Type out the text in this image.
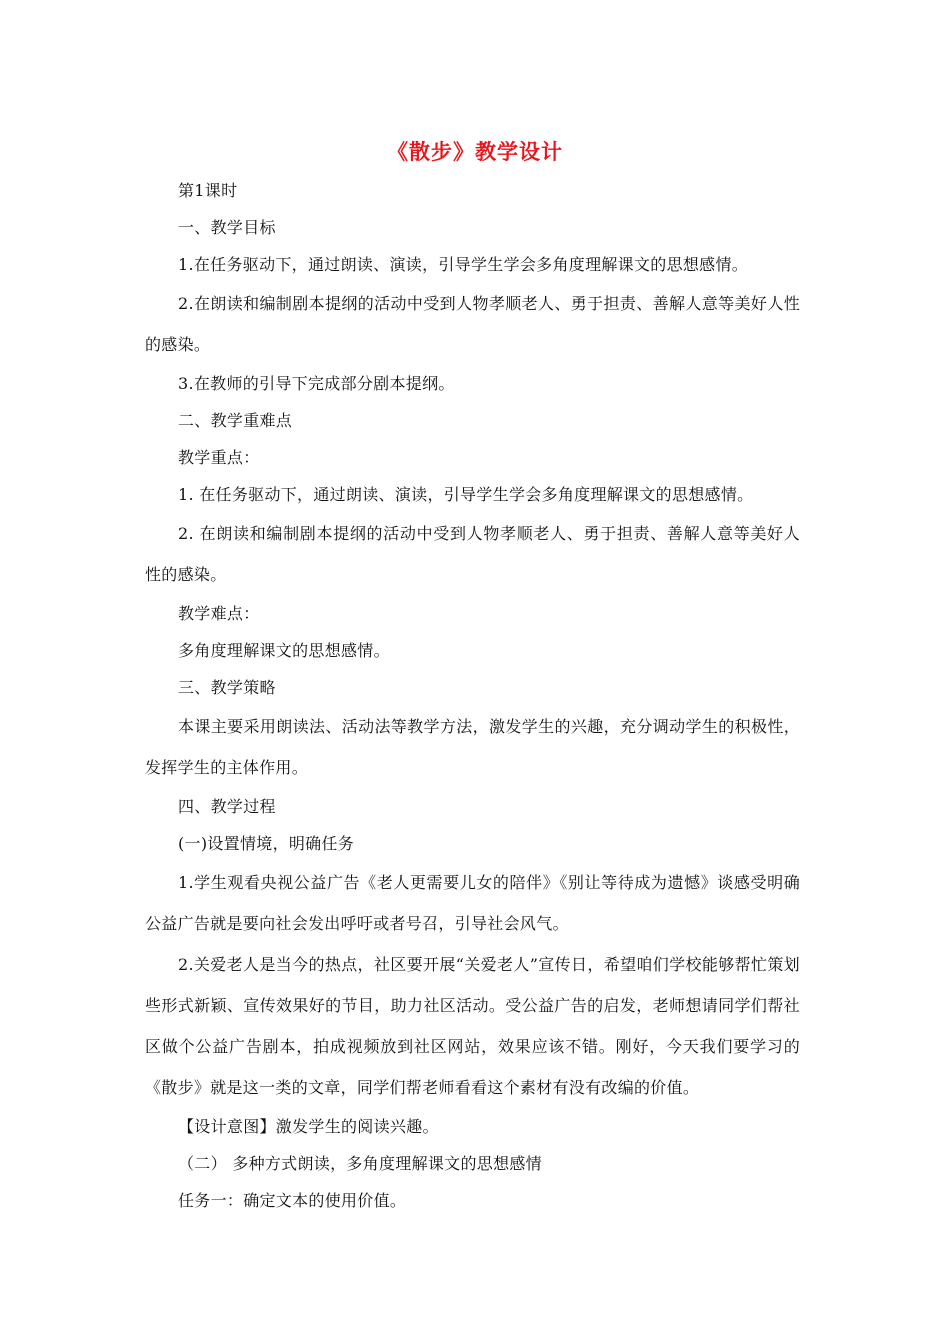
《散步》教学设计

第1课时

一、教学目标

1.在任务驱动下，通过朗读、演读，引导学生学会多角度理解课文的思想感情。

2.在朗读和编制剧本提纲的活动中受到人物孝顺老人、勇于担责、善解人意等美好人性的感染。

3.在教师的引导下完成部分剧本提纲。

二、教学重难点

教学重点：

1. 在任务驱动下，通过朗读、演读，引导学生学会多角度理解课文的思想感情。

2. 在朗读和编制剧本提纲的活动中受到人物孝顺老人、勇于担责、善解人意等美好人性的感染。

教学难点：

多角度理解课文的思想感情。

三、教学策略

本课主要采用朗读法、活动法等教学方法，激发学生的兴趣，充分调动学生的积极性，发挥学生的主体作用。

四、教学过程

(一)设置情境，明确任务

1.学生观看央视公益广告《老人更需要儿女的陪伴》《别让等待成为遗憾》谈感受明确公益广告就是要向社会发出呼吁或者号召，引导社会风气。

2.关爱老人是当今的热点，社区要开展“关爱老人”宣传日，希望咱们学校能够帮忙策划些形式新颖、宣传效果好的节目，助力社区活动。受公益广告的启发，老师想请同学们帮社区做个公益广告剧本，拍成视频放到社区网站，效果应该不错。刚好，今天我们要学习的《散步》就是这一类的文章，同学们帮老师看看这个素材有没有改编的价值。

【设计意图】激发学生的阅读兴趣。

（二） 多种方式朗读，多角度理解课文的思想感情

任务一：确定文本的使用价值。
